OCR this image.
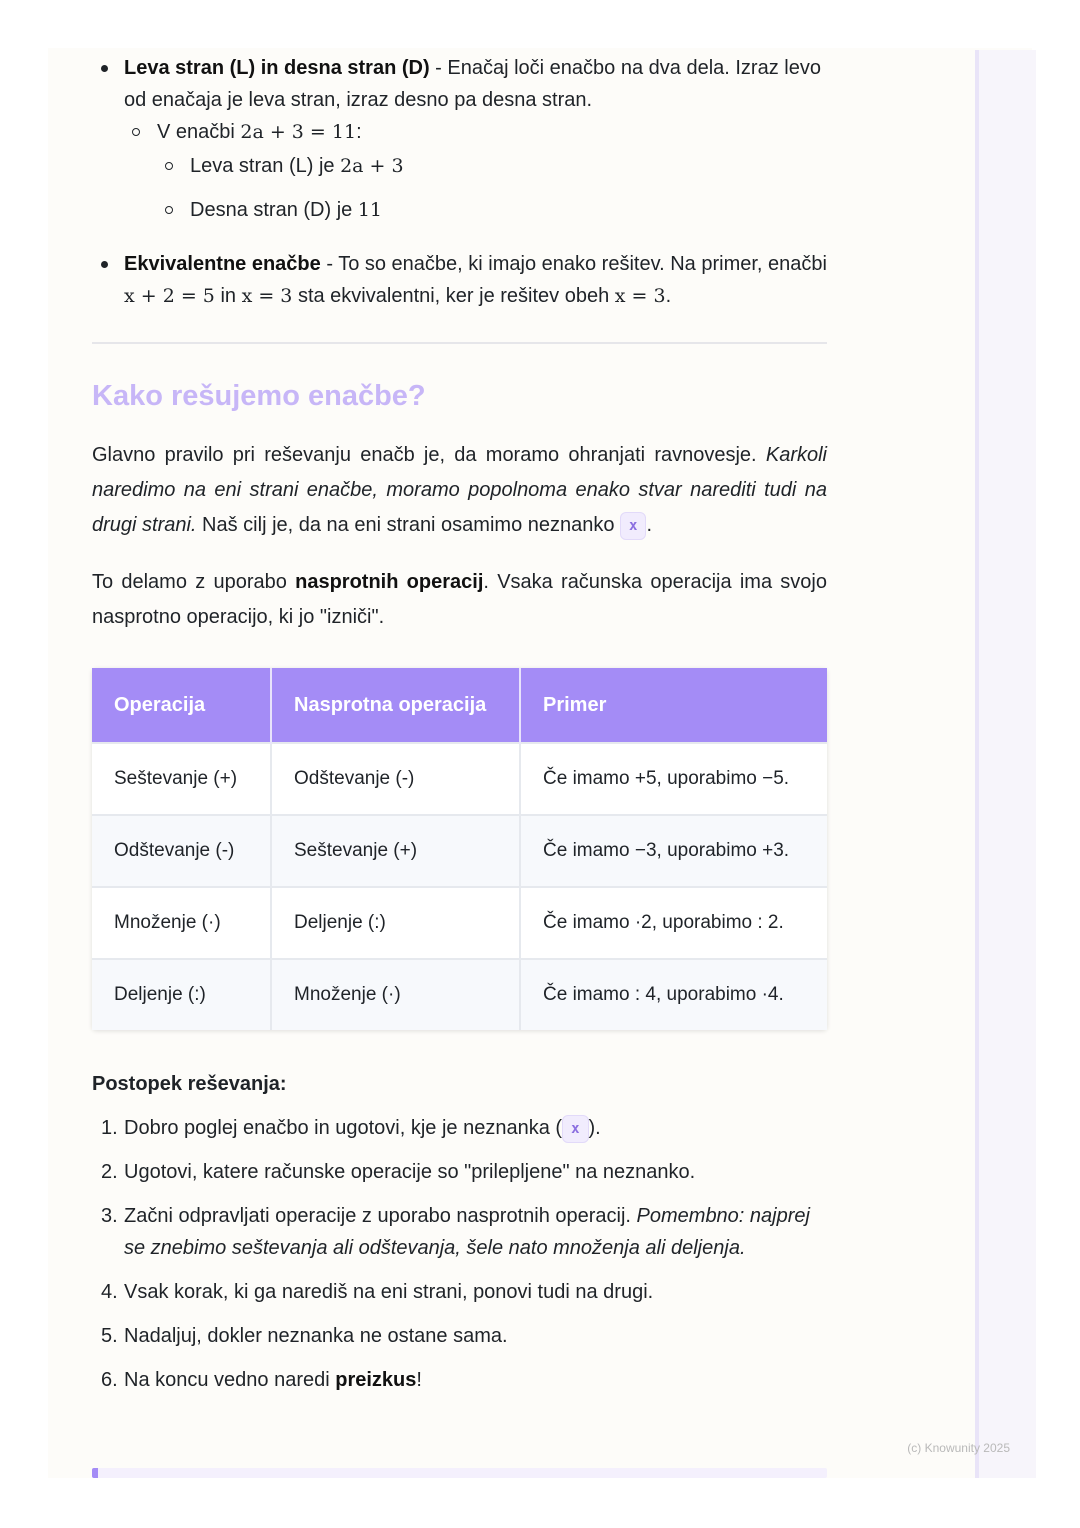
Leva stran (L) in desna stran (D) - Enačaj loči enačbo na dva dela. Izraz levo od enačaja je leva stran, izraz desno pa desna stran.
V enačbi 2a + 3 = 11:
Leva stran (L) je 2a + 3
Desna stran (D) je 11
Ekvivalentne enačbe - To so enačbe, ki imajo enako rešitev. Na primer, enačbi x + 2 = 5 in x = 3 sta ekvivalentni, ker je rešitev obeh x = 3.
Kako rešujemo enačbe?

Glavno pravilo pri reševanju enačb je, da moramo ohranjati ravnovesje. Karkoli naredimo na eni strani enačbe, moramo popolnoma enako stvar narediti tudi na drugi strani. Naš cilj je, da na eni strani osamimo neznanko x .

To delamo z uporabo nasprotnih operacij. Vsaka računska operacija ima svojo nasprotno operacijo, ki jo "izniči".

Operacija	Nasprotna operacija	Primer
Seštevanje (+)	Odštevanje (-)	Če imamo +5, uporabimo −5.
Odštevanje (-)	Seštevanje (+)	Če imamo −3, uporabimo +3.
Množenje (·)	Deljenje (:)	Če imamo ·2, uporabimo : 2.
Deljenje (:)	Množenje (·)	Če imamo : 4, uporabimo ·4.
Postopek reševanja:
1. Dobro poglej enačbo in ugotovi, kje je neznanka ( x ).
2. Ugotovi, katere računske operacije so "prilepljene" na neznanko.
3. Začni odpravljati operacije z uporabo nasprotnih operacij. Pomembno: najprej se znebimo seštevanja ali odštevanja, šele nato množenja ali deljenja.
4. Vsak korak, ki ga narediš na eni strani, ponovi tudi na drugi.
5. Nadaljuj, dokler neznanka ne ostane sama.
6. Na koncu vedno naredi preizkus!
(c) Knowunity 2025
